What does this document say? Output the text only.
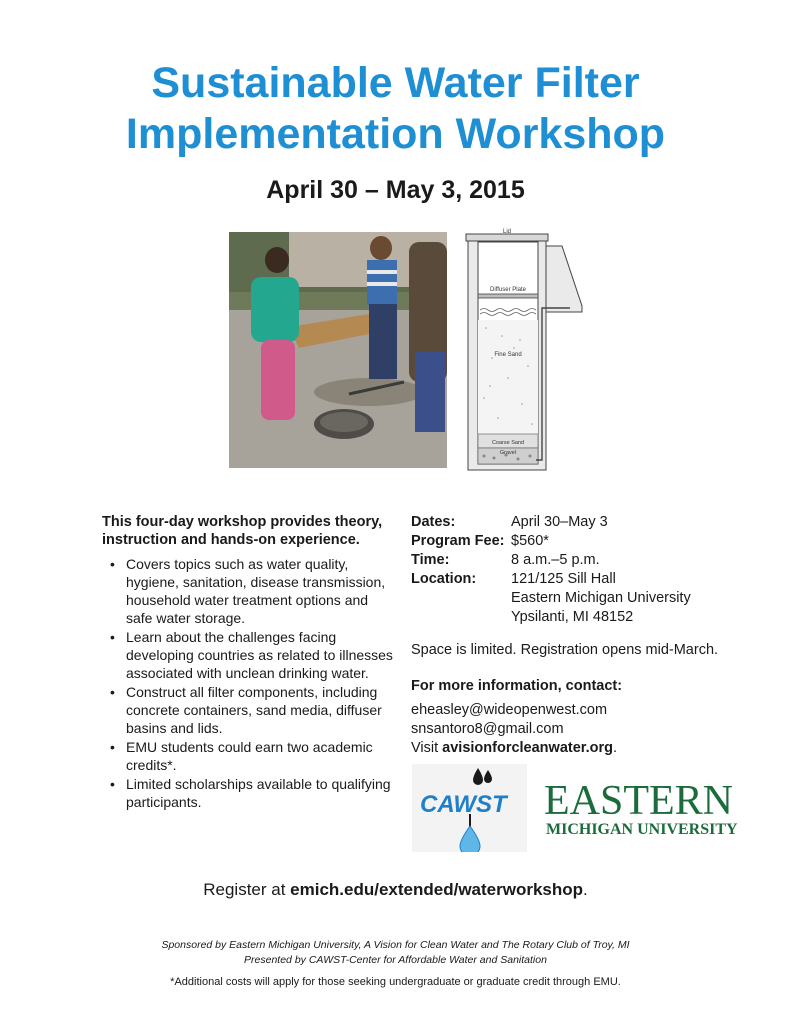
Sustainable Water Filter
Implementation Workshop
April 30 – May 3, 2015
Lid
Diffuser Plate
Fine Sand
Coarse Sand
Gravel

This four-day workshop provides theory, instruction and hands-on experience.

• Covers topics such as water quality, hygiene, sanitation, disease transmission, household water treatment options and safe water storage.
• Learn about the challenges facing developing countries as related to illnesses associated with unclean drinking water.
• Construct all filter components, including concrete containers, sand media, diffuser basins and lids.
• EMU students could earn two academic credits*.
• Limited scholarships available to qualifying participants.
Dates:	April 30–May 3
Program Fee: $560*
Time:	8 a.m.–5 p.m.
Location:	121/125 Sill Hall
Eastern Michigan University
Ypsilanti, MI 48152
Space is limited. Registration opens mid-March.
For more information, contact:
eheasley@wideopenwest.com
snsantoro8@gmail.com
Visit avisionforcleanwater.org.
CAWST EASTERN
MICHIGAN UNIVERSITY
Register at emich.edu/extended/waterworkshop.
Sponsored by Eastern Michigan University, A Vision for Clean Water and The Rotary Club of Troy, MI
Presented by CAWST-Center for Affordable Water and Sanitation
*Additional costs will apply for those seeking undergraduate or graduate credit through EMU.
